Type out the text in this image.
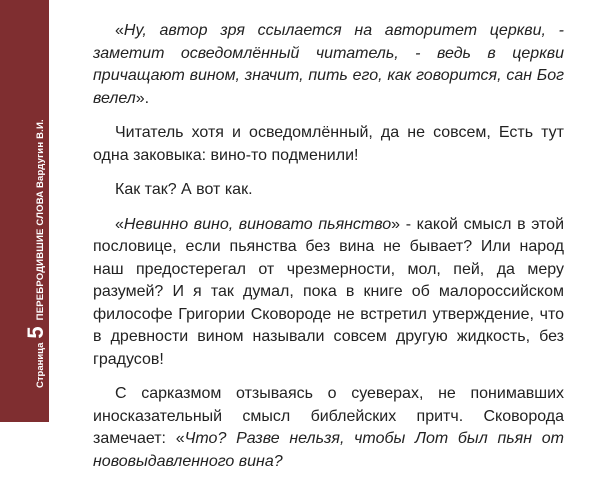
Страница
5
ПЕРЕБРОДИВШИЕ СЛОВА

Вардугин В.И.

«Ну, автор зря ссылается на авторитет церкви, - заметит осведомлённый читатель, - ведь в церкви причащают вином, значит, пить его, как говорится, сан Бог велел».

Читатель хотя и осведомлённый, да не совсем, Есть тут одна заковыка: вино-то подменили!

Как так? А вот как.

«Невинно вино, виновато пьянство» - какой смысл в этой пословице, если пьянства без вина не бывает? Или народ наш предостерегал от чрезмерности, мол, пей, да меру разумей? И я так думал, пока в книге об малороссийском философе Григории Сковороде не встретил утверждение, что в древности вином называли совсем другую жидкость, без градусов!

С сарказмом отзываясь о суеверах, не понимавших иносказательный смысл библейских притч. Сковорода замечает: «Что? Разве нельзя, чтобы Лот был пьян от нововыдавленного вина?
